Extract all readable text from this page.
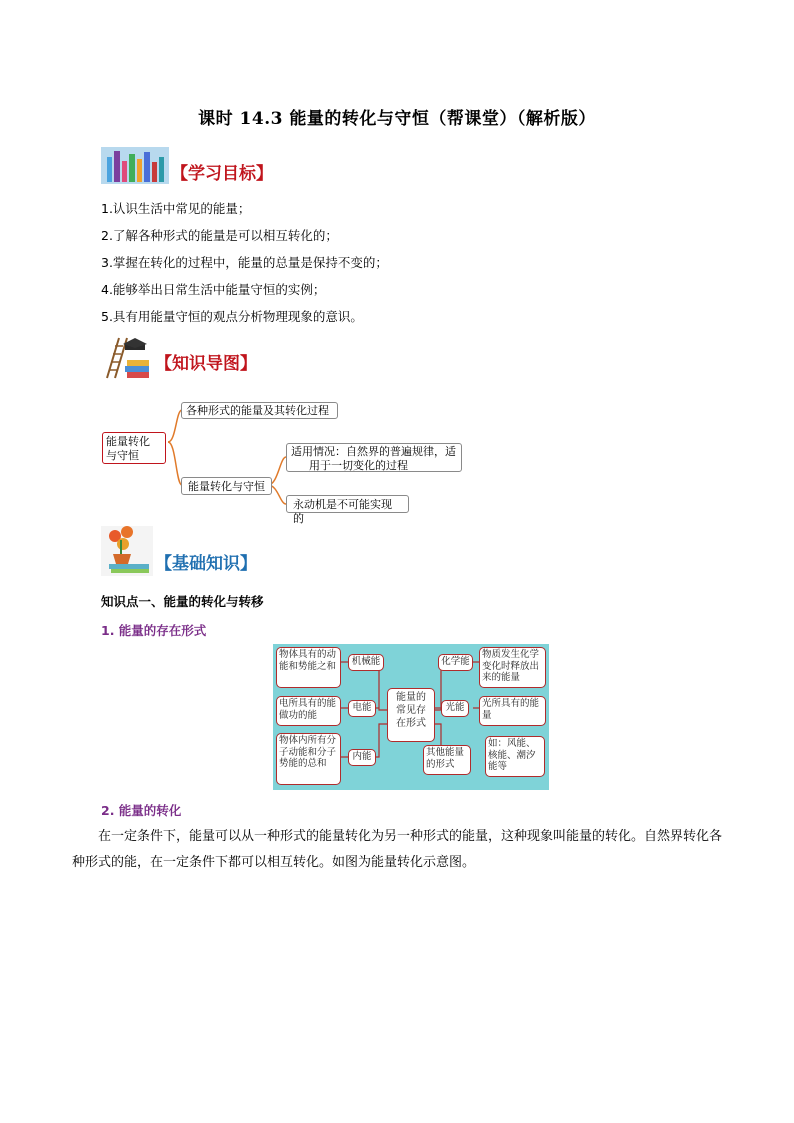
课时 14.3 能量的转化与守恒（帮课堂）（解析版）
【学习目标】
1.认识生活中常见的能量；
2.了解各种形式的能量是可以相互转化的；
3.掌握在转化的过程中，能量的总量是保持不变的；
4.能够举出日常生活中能量守恒的实例；
5.具有用能量守恒的观点分析物理现象的意识。
【知识导图】
能量转化
与守恒
各种形式的能量及其转化过程
能量转化与守恒
适用情况：自然界的普遍规律，适
用于一切变化的过程
永动机是不可能实现的
【基础知识】
知识点一、能量的转化与转移
1. 能量的存在形式
能量的
常见存
在形式
机械能
电能
内能
物体具有的动能和势能之和
电所具有的能做功的能
物体内所有分子动能和分子势能的总和
化学能
光能
其他能量的形式
物质发生化学变化时释放出来的能量
光所具有的能量
如：风能、核能、潮汐能等
2. 能量的转化
在一定条件下，能量可以从一种形式的能量转化为另一种形式的能量，这种现象叫能量的转化。自然界转化各种形式的能，在一定条件下都可以相互转化。如图为能量转化示意图。
